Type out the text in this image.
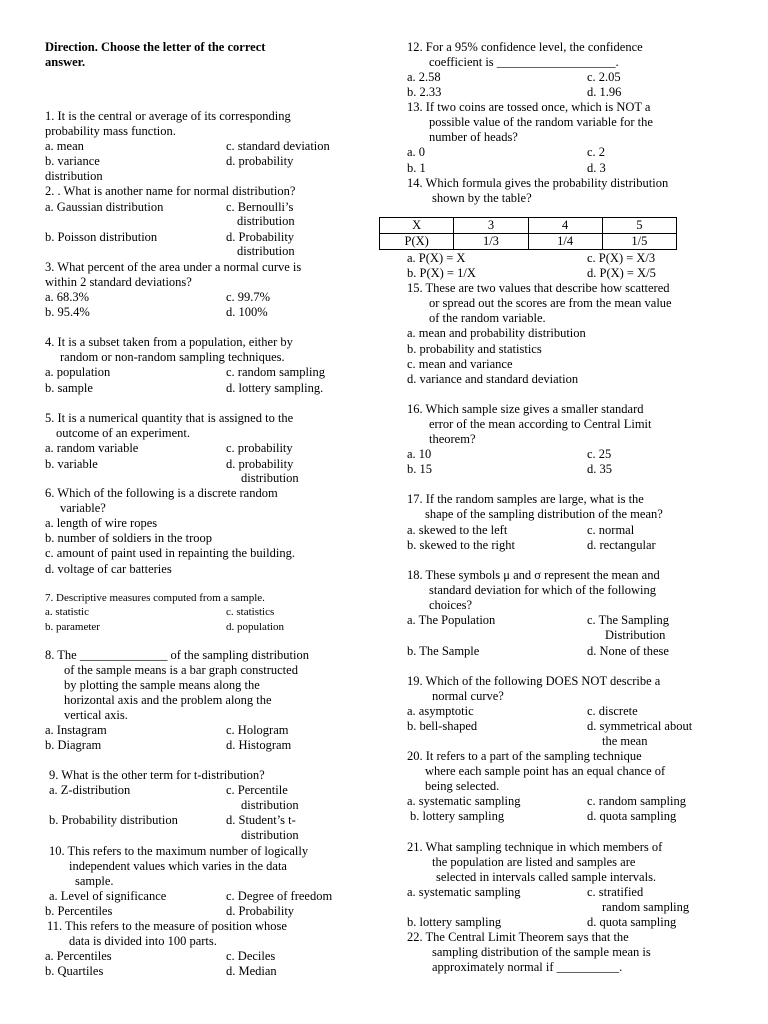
Direction. Choose the letter of the correct
answer.
1. It is the central or average of its corresponding
probability mass function.
a. mean	c. standard deviation
b. variance	d. probability
distribution
2. . What is another name for normal distribution?
a. Gaussian distribution	c. Bernoulli’s
distribution
b. Poisson distribution	d. Probability
distribution
3. What percent of the area under a normal curve is
within 2 standard deviations?
a. 68.3%	c. 99.7%
b. 95.4%	d. 100%
4. It is a subset taken from a population, either by
random or non-random sampling techniques.
a. population	c. random sampling
b. sample	d. lottery sampling.
5. It is a numerical quantity that is assigned to the
outcome of an experiment.
a. random variable	c. probability
b. variable	d. probability
distribution
6. Which of the following is a discrete random
variable?
a. length of wire ropes
b. number of soldiers in the troop
c. amount of paint used in repainting the building.
d. voltage of car batteries
7. Descriptive measures computed from a sample.
a. statistic	c. statistics
b. parameter	d. population
8. The ______________ of the sampling distribution
of the sample means is a bar graph constructed
by plotting the sample means along the
horizontal axis and the problem along the
vertical axis.
a. Instagram	c. Hologram
b. Diagram	d. Histogram
9. What is the other term for t-distribution?
a. Z-distribution	c. Percentile
distribution
b. Probability distribution	d. Student’s t-
distribution
10. This refers to the maximum number of logically
independent values which varies in the data
sample.
a. Level of significance	c. Degree of freedom
b. Percentiles	d. Probability
11. This refers to the measure of position whose
data is divided into 100 parts.
a. Percentiles	c. Deciles
b. Quartiles	d. Median
12. For a 95% confidence level, the confidence
coefficient is ___________________.
a. 2.58	c. 2.05
b. 2.33	d. 1.96
13. If two coins are tossed once, which is NOT a
possible value of the random variable for the
number of heads?
a. 0	c. 2
b. 1	d. 3
14. Which formula gives the probability distribution
shown by the table?
X	3	4	5
P(X)	1/3	1/4	1/5
a. P(X) = X	c. P(X) = X/3
b. P(X) = 1/X	d. P(X) = X/5
15. These are two values that describe how scattered
or spread out the scores are from the mean value
of the random variable.
a. mean and probability distribution
b. probability and statistics
c. mean and variance
d. variance and standard deviation
16. Which sample size gives a smaller standard
error of the mean according to Central Limit
theorem?
a. 10	c. 25
b. 15	d. 35
17. If the random samples are large, what is the
shape of the sampling distribution of the mean?
a. skewed to the left	c. normal
b. skewed to the right	d. rectangular
18. These symbols μ and σ represent the mean and
standard deviation for which of the following
choices?
a. The Population	c. The Sampling
Distribution
b. The Sample	d. None of these
19. Which of the following DOES NOT describe a
normal curve?
a. asymptotic	c. discrete
b. bell-shaped	d. symmetrical about
the mean
20. It refers to a part of the sampling technique
where each sample point has an equal chance of
being selected.
a. systematic sampling	c. random sampling
b. lottery sampling	d. quota sampling
21. What sampling technique in which members of
the population are listed and samples are
selected in intervals called sample intervals.
a. systematic sampling	c. stratified
random sampling
b. lottery sampling	d. quota sampling
22. The Central Limit Theorem says that the
sampling distribution of the sample mean is
approximately normal if __________.
